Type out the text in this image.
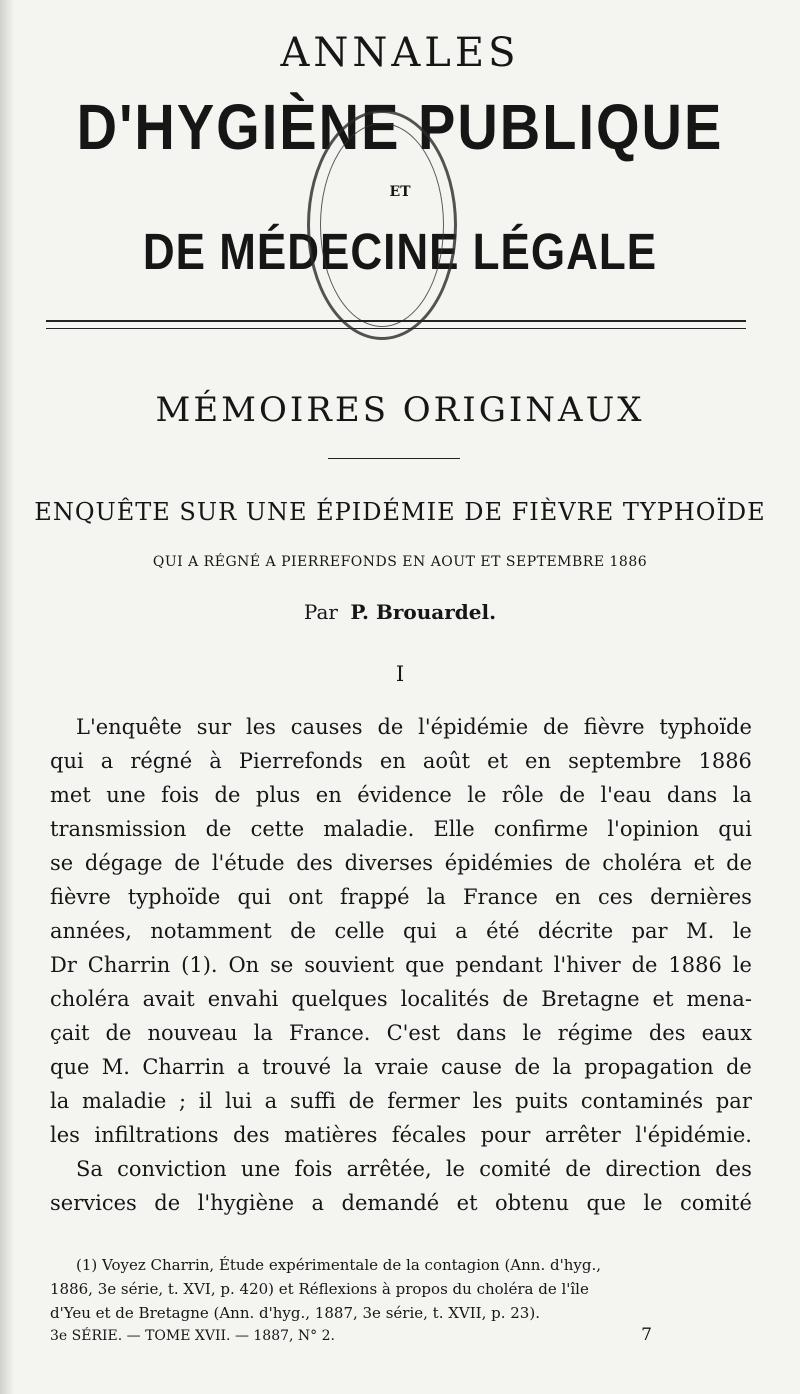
ANNALES
D'HYGIÈNE PUBLIQUE
ET
DE MÉDECINE LÉGALE
MÉMOIRES ORIGINAUX
ENQUÊTE SUR UNE ÉPIDÉMIE DE FIÈVRE TYPHOÏDE
QUI A RÉGNÉ A PIERREFONDS EN AOUT ET SEPTEMBRE 1886
Par P. Brouardel.
I
L'enquête sur les causes de l'épidémie de fièvre typhoïde
qui a régné à Pierrefonds en août et en septembre 1886
met une fois de plus en évidence le rôle de l'eau dans la
transmission de cette maladie. Elle confirme l'opinion qui
se dégage de l'étude des diverses épidémies de choléra et de
fièvre typhoïde qui ont frappé la France en ces dernières
années, notamment de celle qui a été décrite par M. le
Dr Charrin (1). On se souvient que pendant l'hiver de 1886 le
choléra avait envahi quelques localités de Bretagne et mena-
çait de nouveau la France. C'est dans le régime des eaux
que M. Charrin a trouvé la vraie cause de la propagation de
la maladie ; il lui a suffi de fermer les puits contaminés par
les infiltrations des matières fécales pour arrêter l'épidémie.
Sa conviction une fois arrêtée, le comité de direction des
services de l'hygiène a demandé et obtenu que le comité
(1) Voyez Charrin, Étude expérimentale de la contagion (Ann. d'hyg.,
1886, 3e série, t. XVI, p. 420) et Réflexions à propos du choléra de l'île
d'Yeu et de Bretagne (Ann. d'hyg., 1887, 3e série, t. XVII, p. 23).
3e SÉRIE. — TOME XVII. — 1887, N° 2.	7
